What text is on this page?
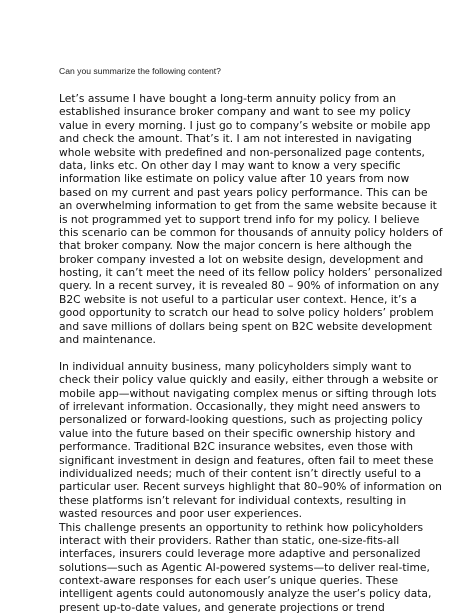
Can you summarize the following content?
Let’s assume I have bought a long-term annuity policy from an
established insurance broker company and want to see my policy
value in every morning. I just go to company’s website or mobile app
and check the amount. That’s it. I am not interested in navigating
whole website with predefined and non-personalized page contents,
data, links etc. On other day I may want to know a very specific
information like estimate on policy value after 10 years from now
based on my current and past years policy performance. This can be
an overwhelming information to get from the same website because it
is not programmed yet to support trend info for my policy. I believe
this scenario can be common for thousands of annuity policy holders of
that broker company. Now the major concern is here although the
broker company invested a lot on website design, development and
hosting, it can’t meet the need of its fellow policy holders’ personalized
query. In a recent survey, it is revealed 80 – 90% of information on any
B2C website is not useful to a particular user context. Hence, it’s a
good opportunity to scratch our head to solve policy holders’ problem
and save millions of dollars being spent on B2C website development
and maintenance.
In individual annuity business, many policyholders simply want to
check their policy value quickly and easily, either through a website or
mobile app—without navigating complex menus or sifting through lots
of irrelevant information. Occasionally, they might need answers to
personalized or forward-looking questions, such as projecting policy
value into the future based on their specific ownership history and
performance. Traditional B2C insurance websites, even those with
significant investment in design and features, often fail to meet these
individualized needs; much of their content isn’t directly useful to a
particular user. Recent surveys highlight that 80–90% of information on
these platforms isn’t relevant for individual contexts, resulting in
wasted resources and poor user experiences.
This challenge presents an opportunity to rethink how policyholders
interact with their providers. Rather than static, one-size-fits-all
interfaces, insurers could leverage more adaptive and personalized
solutions—such as Agentic AI-powered systems—to deliver real-time,
context-aware responses for each user’s unique queries. These
intelligent agents could autonomously analyze the user’s policy data,
present up-to-date values, and generate projections or trend
